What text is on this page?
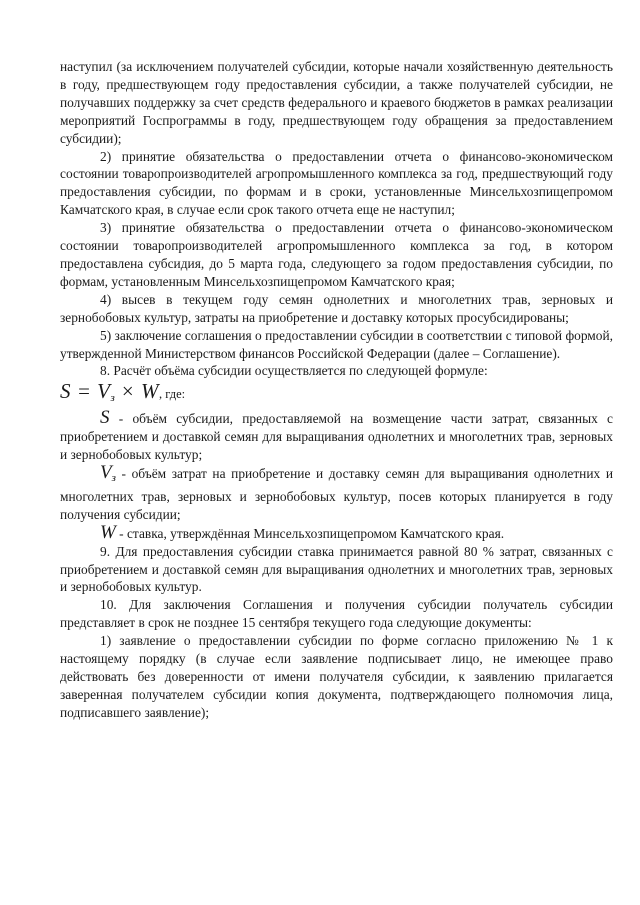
наступил (за исключением получателей субсидии, которые начали хозяйственную деятельность в году, предшествующем году предоставления субсидии, а также получателей субсидии, не получавших поддержку за счет средств федерального и краевого бюджетов в рамках реализации мероприятий Госпрограммы в году, предшествующем году обращения за предоставлением субсидии);

2) принятие обязательства о предоставлении отчета о финансово-экономическом состоянии товаропроизводителей агропромышленного комплекса за год, предшествующий году предоставления субсидии, по формам и в сроки, установленные Минсельхозпищепромом Камчатского края, в случае если срок такого отчета еще не наступил;

3) принятие обязательства о предоставлении отчета о финансово-экономическом состоянии товаропроизводителей агропромышленного комплекса за год, в котором предоставлена субсидия, до 5 марта года, следующего за годом предоставления субсидии, по формам, установленным Минсельхозпищепромом Камчатского края;

4) высев в текущем году семян однолетних и многолетних трав, зерновых и зернобобовых культур, затраты на приобретение и доставку которых просубсидированы;

5) заключение соглашения о предоставлении субсидии в соответствии с типовой формой, утвержденной Министерством финансов Российской Федерации (далее – Соглашение).

8. Расчёт объёма субсидии осуществляется по следующей формуле:

$S = V_з \times W$, где:

S - объём субсидии, предоставляемой на возмещение части затрат, связанных с приобретением и доставкой семян для выращивания однолетних и многолетних трав, зерновых и зернобобовых культур;

$V_з$ - объём затрат на приобретение и доставку семян для выращивания однолетних и многолетних трав, зерновых и зернобобовых культур, посев которых планируется в году получения субсидии;

W - ставка, утверждённая Минсельхозпищепромом Камчатского края.

9. Для предоставления субсидии ставка принимается равной 80 % затрат, связанных с приобретением и доставкой семян для выращивания однолетних и многолетних трав, зерновых и зернобобовых культур.

10. Для заключения Соглашения и получения субсидии получатель субсидии представляет в срок не позднее 15 сентября текущего года следующие документы:

1) заявление о предоставлении субсидии по форме согласно приложению № 1 к настоящему порядку (в случае если заявление подписывает лицо, не имеющее право действовать без доверенности от имени получателя субсидии, к заявлению прилагается заверенная получателем субсидии копия документа, подтверждающего полномочия лица, подписавшего заявление);
